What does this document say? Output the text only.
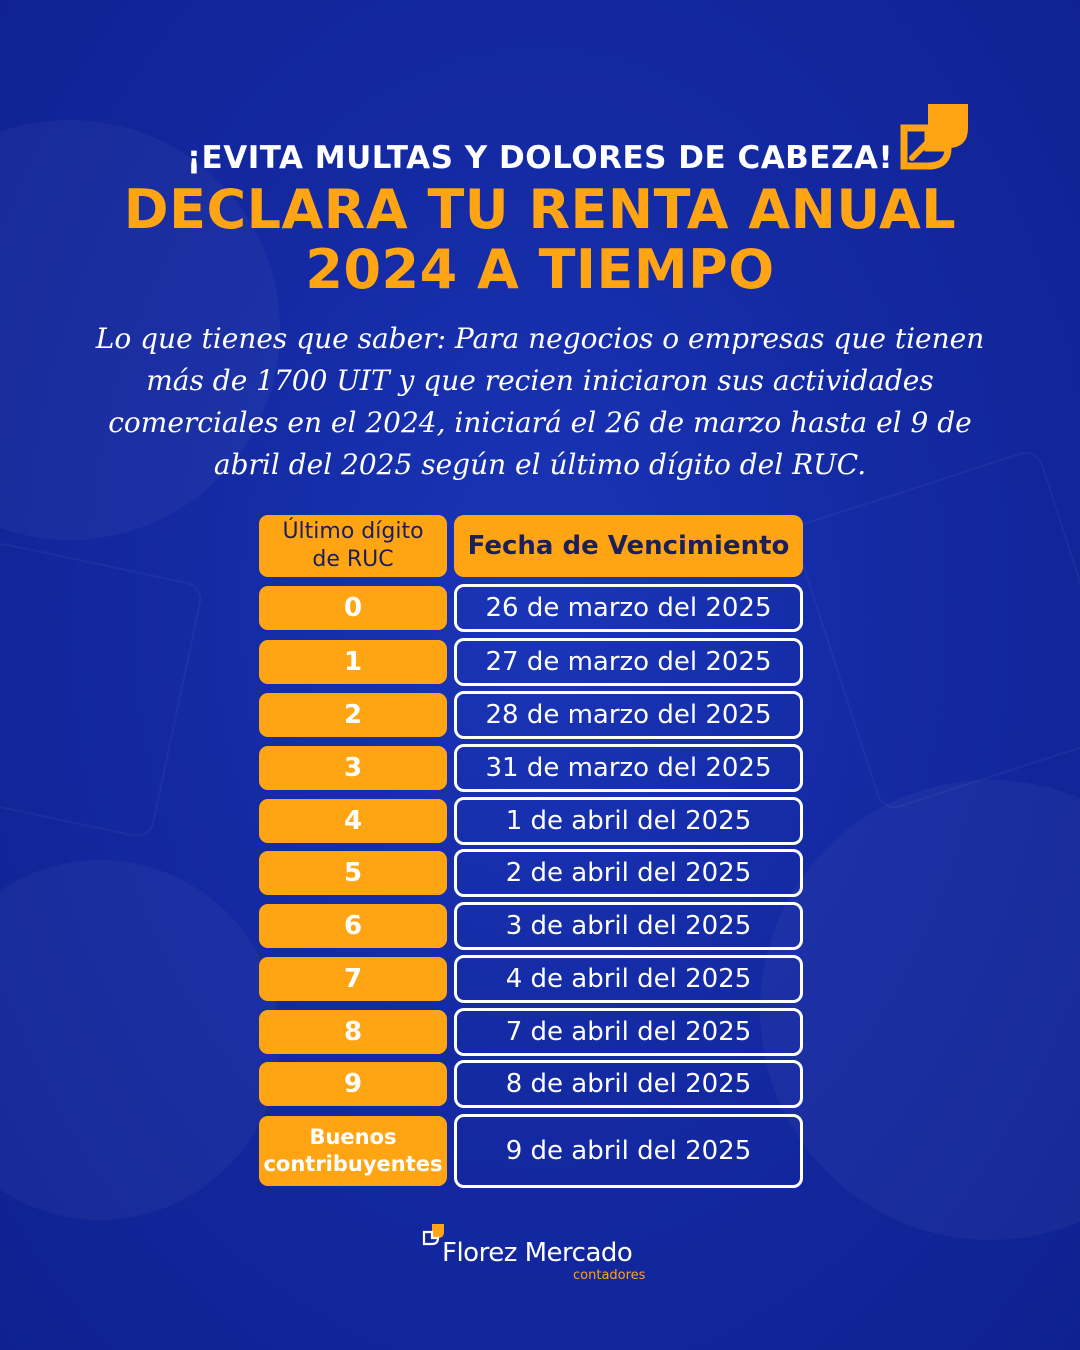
¡EVITA MULTAS Y DOLORES DE CABEZA!
DECLARA TU RENTA ANUAL
2024 A TIEMPO
Lo que tienes que saber: Para negocios o empresas que tienen más de 1700 UIT y que recien iniciaron sus actividades comerciales en el 2024, iniciará el 26 de marzo hasta el 9 de abril del 2025 según el último dígito del RUC.
Último dígito de RUC	Fecha de Vencimiento
0	26 de marzo del 2025
1	27 de marzo del 2025
2	28 de marzo del 2025
3	31 de marzo del 2025
4	1 de abril del 2025
5	2 de abril del 2025
6	3 de abril del 2025
7	4 de abril del 2025
8	7 de abril del 2025
9	8 de abril del 2025
Buenos contribuyentes	9 de abril del 2025
Florez Mercado
contadores
